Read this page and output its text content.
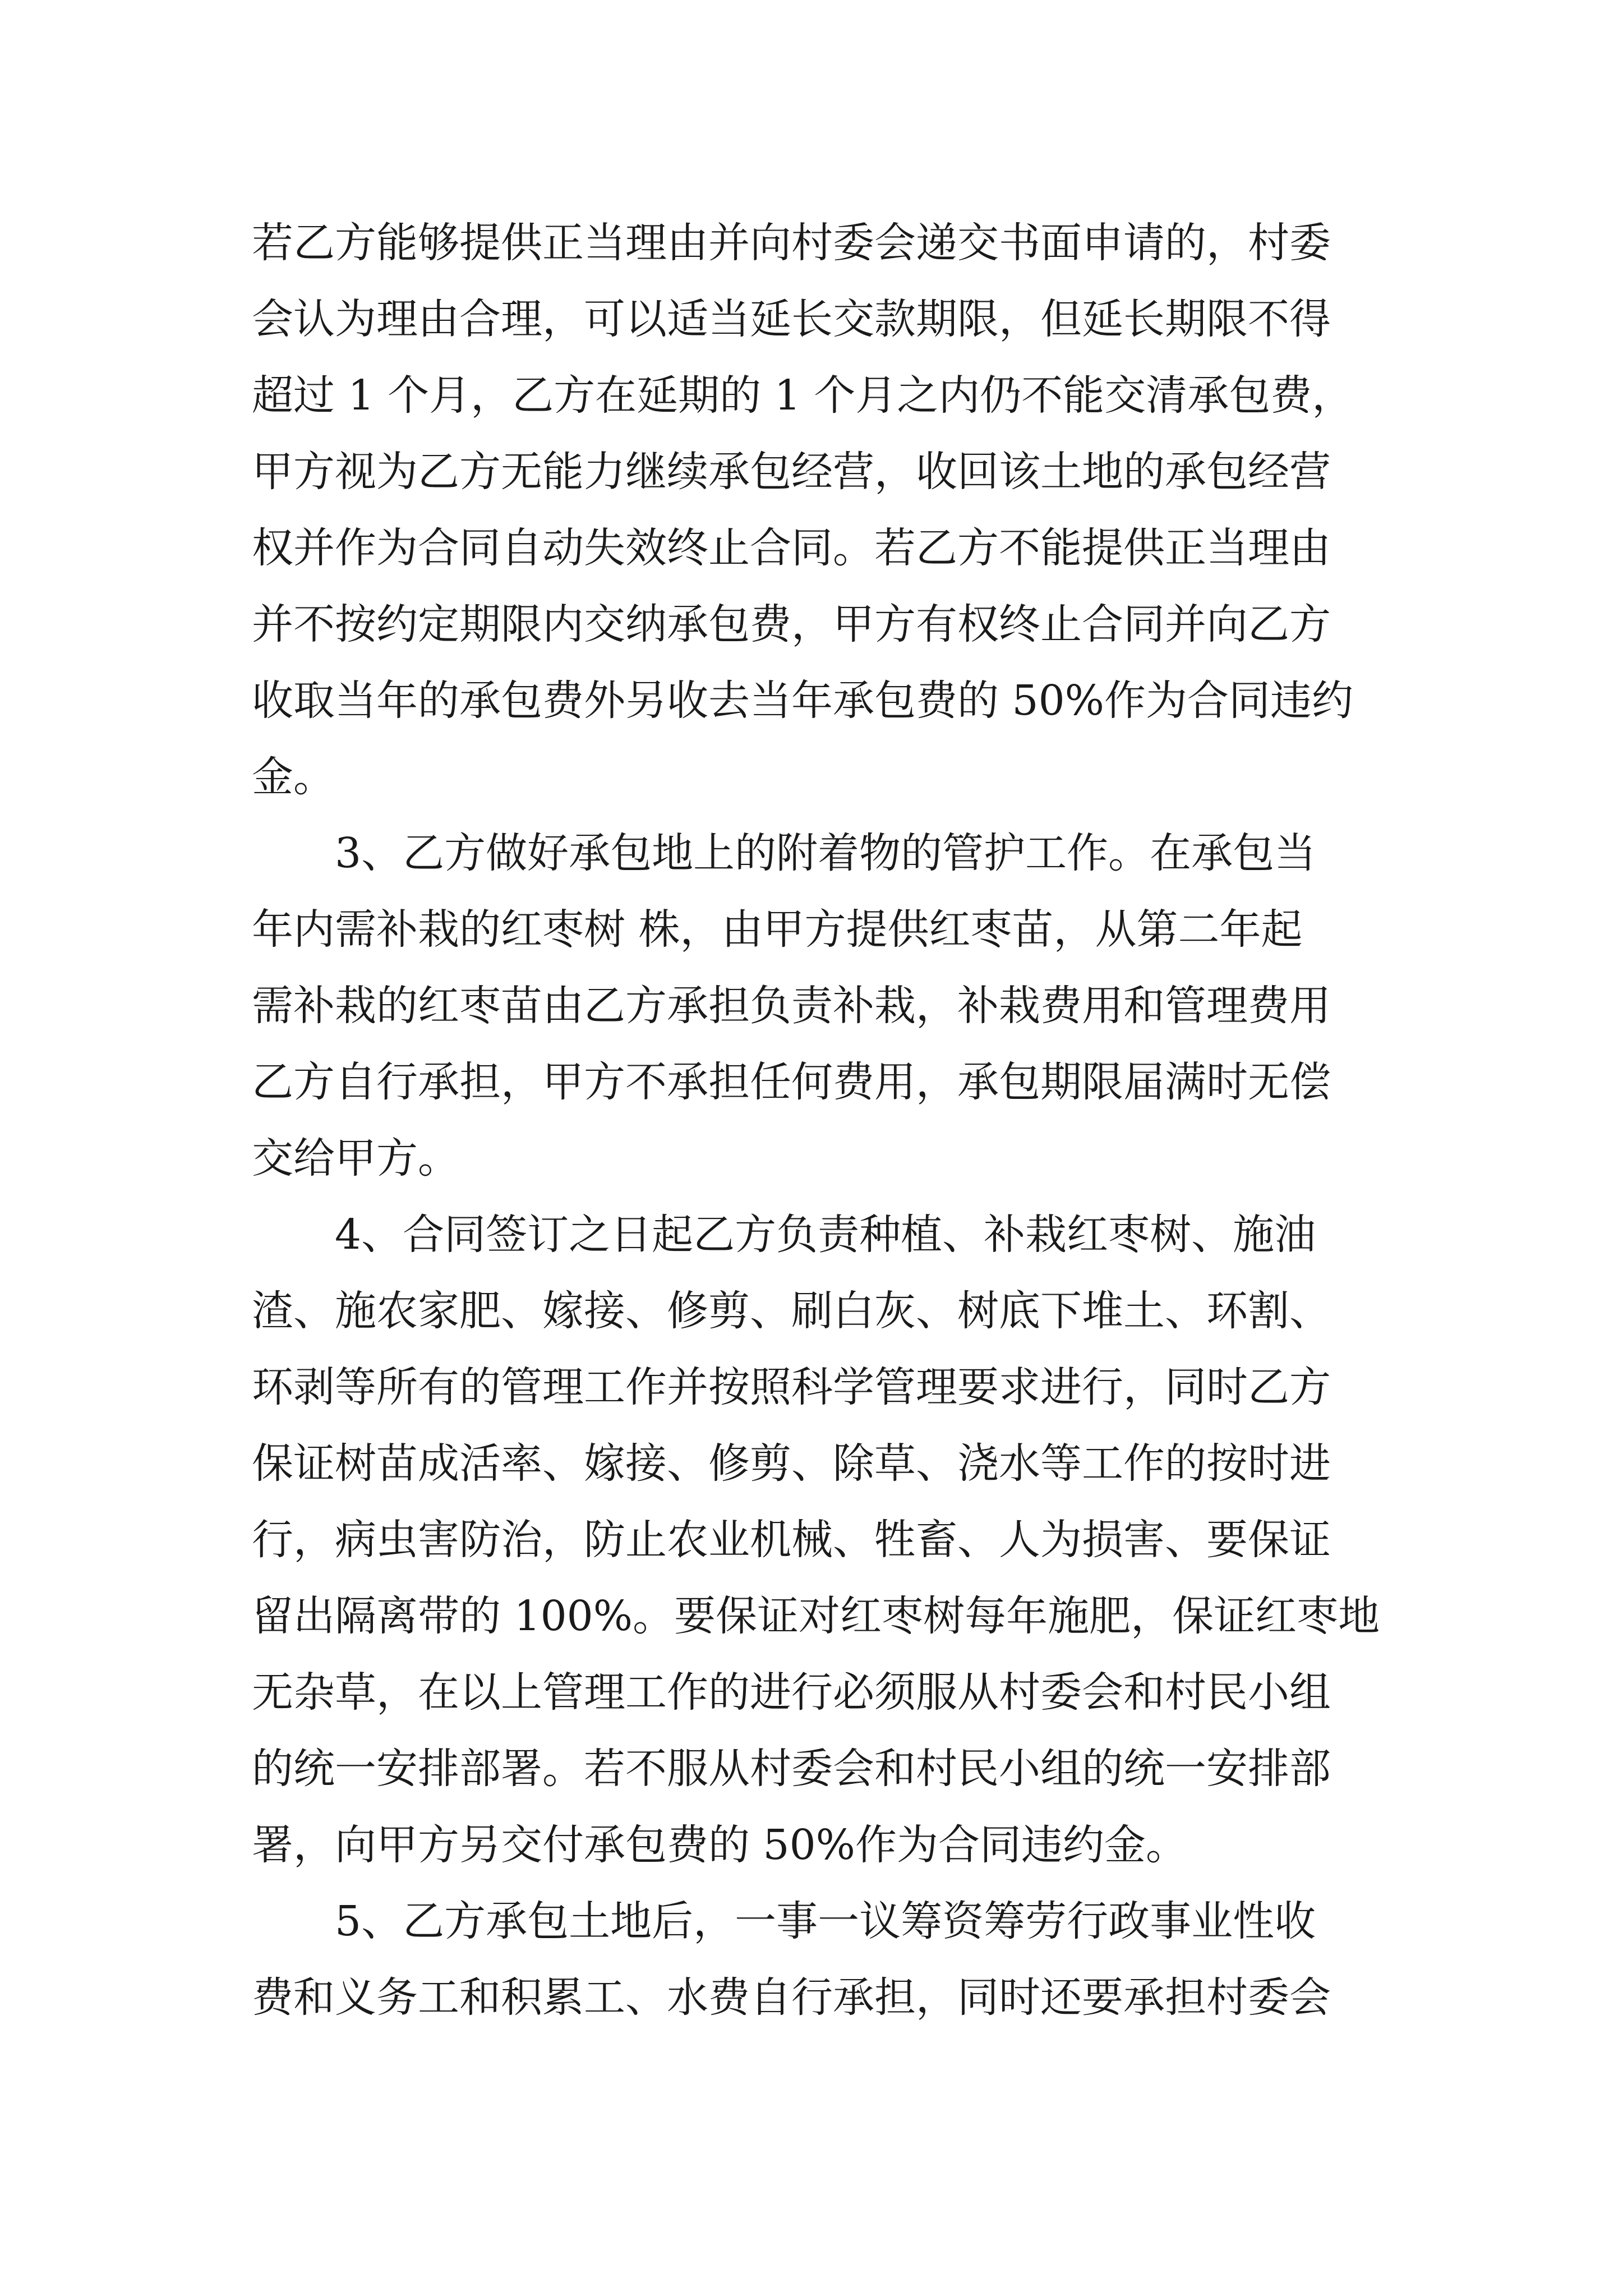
若乙方能够提供正当理由并向村委会递交书面申请的，村委

会认为理由合理，可以适当延长交款期限，但延长期限不得

超过 1 个月，乙方在延期的 1 个月之内仍不能交清承包费，

甲方视为乙方无能力继续承包经营，收回该土地的承包经营

权并作为合同自动失效终止合同。若乙方不能提供正当理由

并不按约定期限内交纳承包费，甲方有权终止合同并向乙方

收取当年的承包费外另收去当年承包费的 50%作为合同违约

金。

3、乙方做好承包地上的附着物的管护工作。在承包当

年内需补栽的红枣树 株，由甲方提供红枣苗，从第二年起

需补栽的红枣苗由乙方承担负责补栽，补栽费用和管理费用

乙方自行承担，甲方不承担任何费用，承包期限届满时无偿

交给甲方。

4、合同签订之日起乙方负责种植、补栽红枣树、施油

渣、施农家肥、嫁接、修剪、刷白灰、树底下堆土、环割、

环剥等所有的管理工作并按照科学管理要求进行，同时乙方

保证树苗成活率、嫁接、修剪、除草、浇水等工作的按时进

行，病虫害防治，防止农业机械、牲畜、人为损害、要保证

留出隔离带的 100%。要保证对红枣树每年施肥，保证红枣地

无杂草，在以上管理工作的进行必须服从村委会和村民小组

的统一安排部署。若不服从村委会和村民小组的统一安排部

署，向甲方另交付承包费的 50%作为合同违约金。

5、乙方承包土地后，一事一议筹资筹劳行政事业性收

费和义务工和积累工、水费自行承担，同时还要承担村委会
